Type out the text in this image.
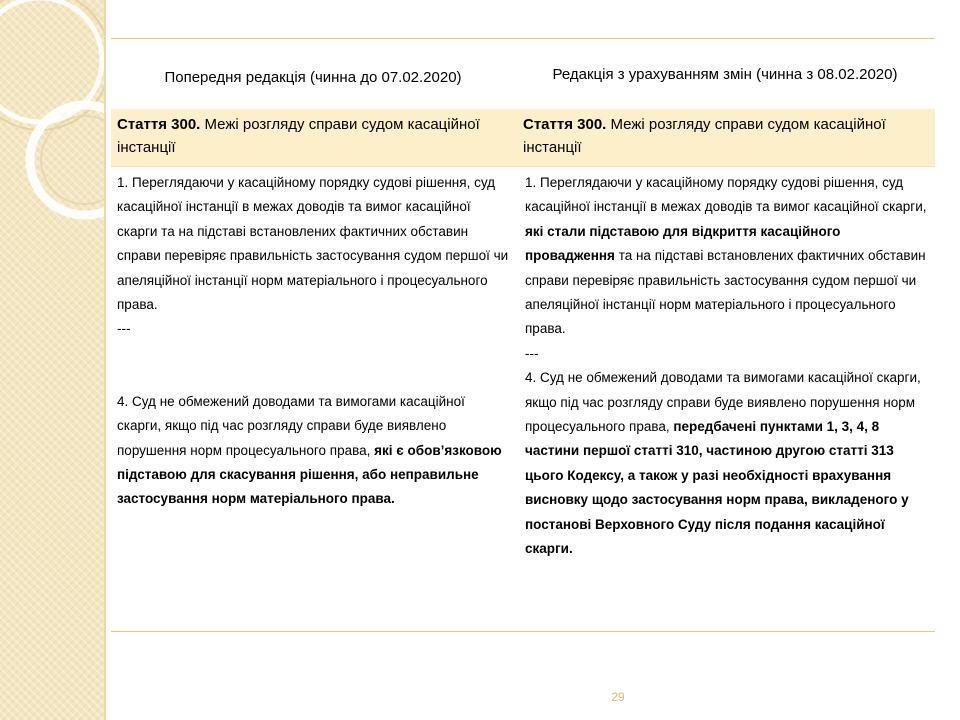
Попередня редакція (чинна до 07.02.2020)	Редакція з урахуванням змін (чинна з 08.02.2020)
Стаття 300. Межі розгляду справи судом касаційної інстанції
Стаття 300. Межі розгляду справи судом касаційної інстанції

1. Переглядаючи у касаційному порядку судові рішення, суд касаційної інстанції в межах доводів та вимог касаційної скарги та на підставі встановлених фактичних обставин справи перевіряє правильність застосування судом першої чи апеляційної інстанції норм матеріального і процесуального права.

---

4. Суд не обмежений доводами та вимогами касаційної скарги, якщо під час розгляду справи буде виявлено порушення норм процесуального права, які є обов’язковою підставою для скасування рішення, або неправильне застосування норм матеріального права.

1. Переглядаючи у касаційному порядку судові рішення, суд касаційної інстанції в межах доводів та вимог касаційної скарги, які стали підставою для відкриття касаційного провадження та на підставі встановлених фактичних обставин справи перевіряє правильність застосування судом першої чи апеляційної інстанції норм матеріального і процесуального права.

---

4. Суд не обмежений доводами та вимогами касаційної скарги, якщо під час розгляду справи буде виявлено порушення норм процесуального права, передбачені пунктами 1, 3, 4, 8 частини першої статті 310, частиною другою статті 313 цього Кодексу, а також у разі необхідності врахування висновку щодо застосування норм права, викладеного у постанові Верховного Суду після подання касаційної скарги.

29
